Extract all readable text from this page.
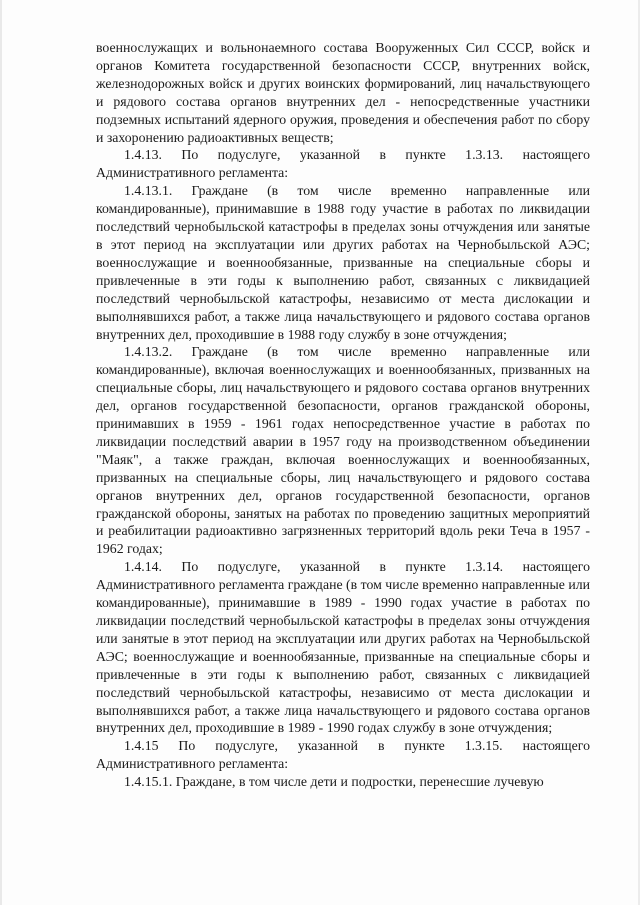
военнослужащих и вольнонаемного состава Вооруженных Сил СССР, войск и органов Комитета государственной безопасности СССР, внутренних войск, железнодорожных войск и других воинских формирований, лиц начальствующего и рядового состава органов внутренних дел - непосредственные участники подземных испытаний ядерного оружия, проведения и обеспечения работ по сбору и захоронению радиоактивных веществ;

1.4.13. По подуслуге, указанной в пункте 1.3.13. настоящего Административного регламента:

1.4.13.1. Граждане (в том числе временно направленные или командированные), принимавшие в 1988 году участие в работах по ликвидации последствий чернобыльской катастрофы в пределах зоны отчуждения или занятые в этот период на эксплуатации или других работах на Чернобыльской АЭС; военнослужащие и военнообязанные, призванные на специальные сборы и привлеченные в эти годы к выполнению работ, связанных с ликвидацией последствий чернобыльской катастрофы, независимо от места дислокации и выполнявшихся работ, а также лица начальствующего и рядового состава органов внутренних дел, проходившие в 1988 году службу в зоне отчуждения;

1.4.13.2. Граждане (в том числе временно направленные или командированные), включая военнослужащих и военнообязанных, призванных на специальные сборы, лиц начальствующего и рядового состава органов внутренних дел, органов государственной безопасности, органов гражданской обороны, принимавших в 1959 - 1961 годах непосредственное участие в работах по ликвидации последствий аварии в 1957 году на производственном объединении "Маяк", а также граждан, включая военнослужащих и военнообязанных, призванных на специальные сборы, лиц начальствующего и рядового состава органов внутренних дел, органов государственной безопасности, органов гражданской обороны, занятых на работах по проведению защитных мероприятий и реабилитации радиоактивно загрязненных территорий вдоль реки Теча в 1957 - 1962 годах;

1.4.14. По подуслуге, указанной в пункте 1.3.14. настоящего Административного регламента граждане (в том числе временно направленные или командированные), принимавшие в 1989 - 1990 годах участие в работах по ликвидации последствий чернобыльской катастрофы в пределах зоны отчуждения или занятые в этот период на эксплуатации или других работах на Чернобыльской АЭС; военнослужащие и военнообязанные, призванные на специальные сборы и привлеченные в эти годы к выполнению работ, связанных с ликвидацией последствий чернобыльской катастрофы, независимо от места дислокации и выполнявшихся работ, а также лица начальствующего и рядового состава органов внутренних дел, проходившие в 1989 - 1990 годах службу в зоне отчуждения;

1.4.15 По подуслуге, указанной в пункте 1.3.15. настоящего Административного регламента:

1.4.15.1. Граждане, в том числе дети и подростки, перенесшие лучевую
